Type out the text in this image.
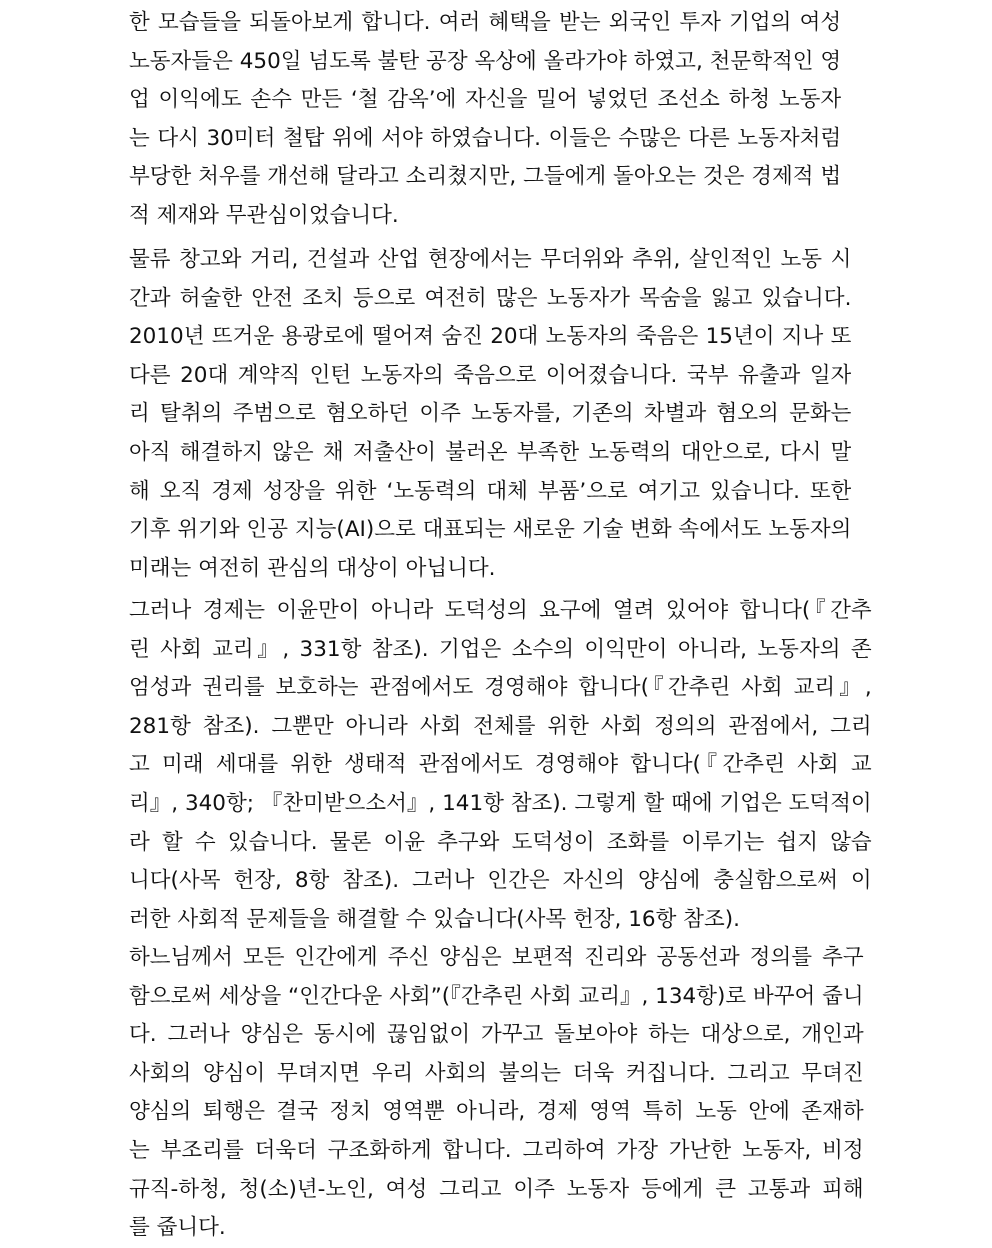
한 모습들을 되돌아보게 합니다. 여러 혜택을 받는 외국인 투자 기업의 여성
노동자들은 450일 넘도록 불탄 공장 옥상에 올라가야 하였고, 천문학적인 영
업 이익에도 손수 만든 ‘철 감옥’에 자신을 밀어 넣었던 조선소 하청 노동자
는 다시 30미터 철탑 위에 서야 하였습니다. 이들은 수많은 다른 노동자처럼
부당한 처우를 개선해 달라고 소리쳤지만, 그들에게 돌아오는 것은 경제적 법
적 제재와 무관심이었습니다.
물류 창고와 거리, 건설과 산업 현장에서는 무더위와 추위, 살인적인 노동 시
간과 허술한 안전 조치 등으로 여전히 많은 노동자가 목숨을 잃고 있습니다.
2010년 뜨거운 용광로에 떨어져 숨진 20대 노동자의 죽음은 15년이 지나 또
다른 20대 계약직 인턴 노동자의 죽음으로 이어졌습니다. 국부 유출과 일자
리 탈취의 주범으로 혐오하던 이주 노동자를, 기존의 차별과 혐오의 문화는
아직 해결하지 않은 채 저출산이 불러온 부족한 노동력의 대안으로, 다시 말
해 오직 경제 성장을 위한 ‘노동력의 대체 부품’으로 여기고 있습니다. 또한
기후 위기와 인공 지능(AI)으로 대표되는 새로운 기술 변화 속에서도 노동자의
미래는 여전히 관심의 대상이 아닙니다.
그러나 경제는 이윤만이 아니라 도덕성의 요구에 열려 있어야 합니다(『간추
린 사회 교리』, 331항 참조). 기업은 소수의 이익만이 아니라, 노동자의 존
엄성과 권리를 보호하는 관점에서도 경영해야 합니다(『간추린 사회 교리』,
281항 참조). 그뿐만 아니라 사회 전체를 위한 사회 정의의 관점에서, 그리
고 미래 세대를 위한 생태적 관점에서도 경영해야 합니다(『간추린 사회 교
리』, 340항; 『찬미받으소서』, 141항 참조). 그렇게 할 때에 기업은 도덕적이
라 할 수 있습니다. 물론 이윤 추구와 도덕성이 조화를 이루기는 쉽지 않습
니다(사목 헌장, 8항 참조). 그러나 인간은 자신의 양심에 충실함으로써 이
러한 사회적 문제들을 해결할 수 있습니다(사목 헌장, 16항 참조).
하느님께서 모든 인간에게 주신 양심은 보편적 진리와 공동선과 정의를 추구
함으로써 세상을 “인간다운 사회”(『간추린 사회 교리』, 134항)로 바꾸어 줍니
다. 그러나 양심은 동시에 끊임없이 가꾸고 돌보아야 하는 대상으로, 개인과
사회의 양심이 무뎌지면 우리 사회의 불의는 더욱 커집니다. 그리고 무뎌진
양심의 퇴행은 결국 정치 영역뿐 아니라, 경제 영역 특히 노동 안에 존재하
는 부조리를 더욱더 구조화하게 합니다. 그리하여 가장 가난한 노동자, 비정
규직-하청, 청(소)년-노인, 여성 그리고 이주 노동자 등에게 큰 고통과 피해
를 줍니다.
